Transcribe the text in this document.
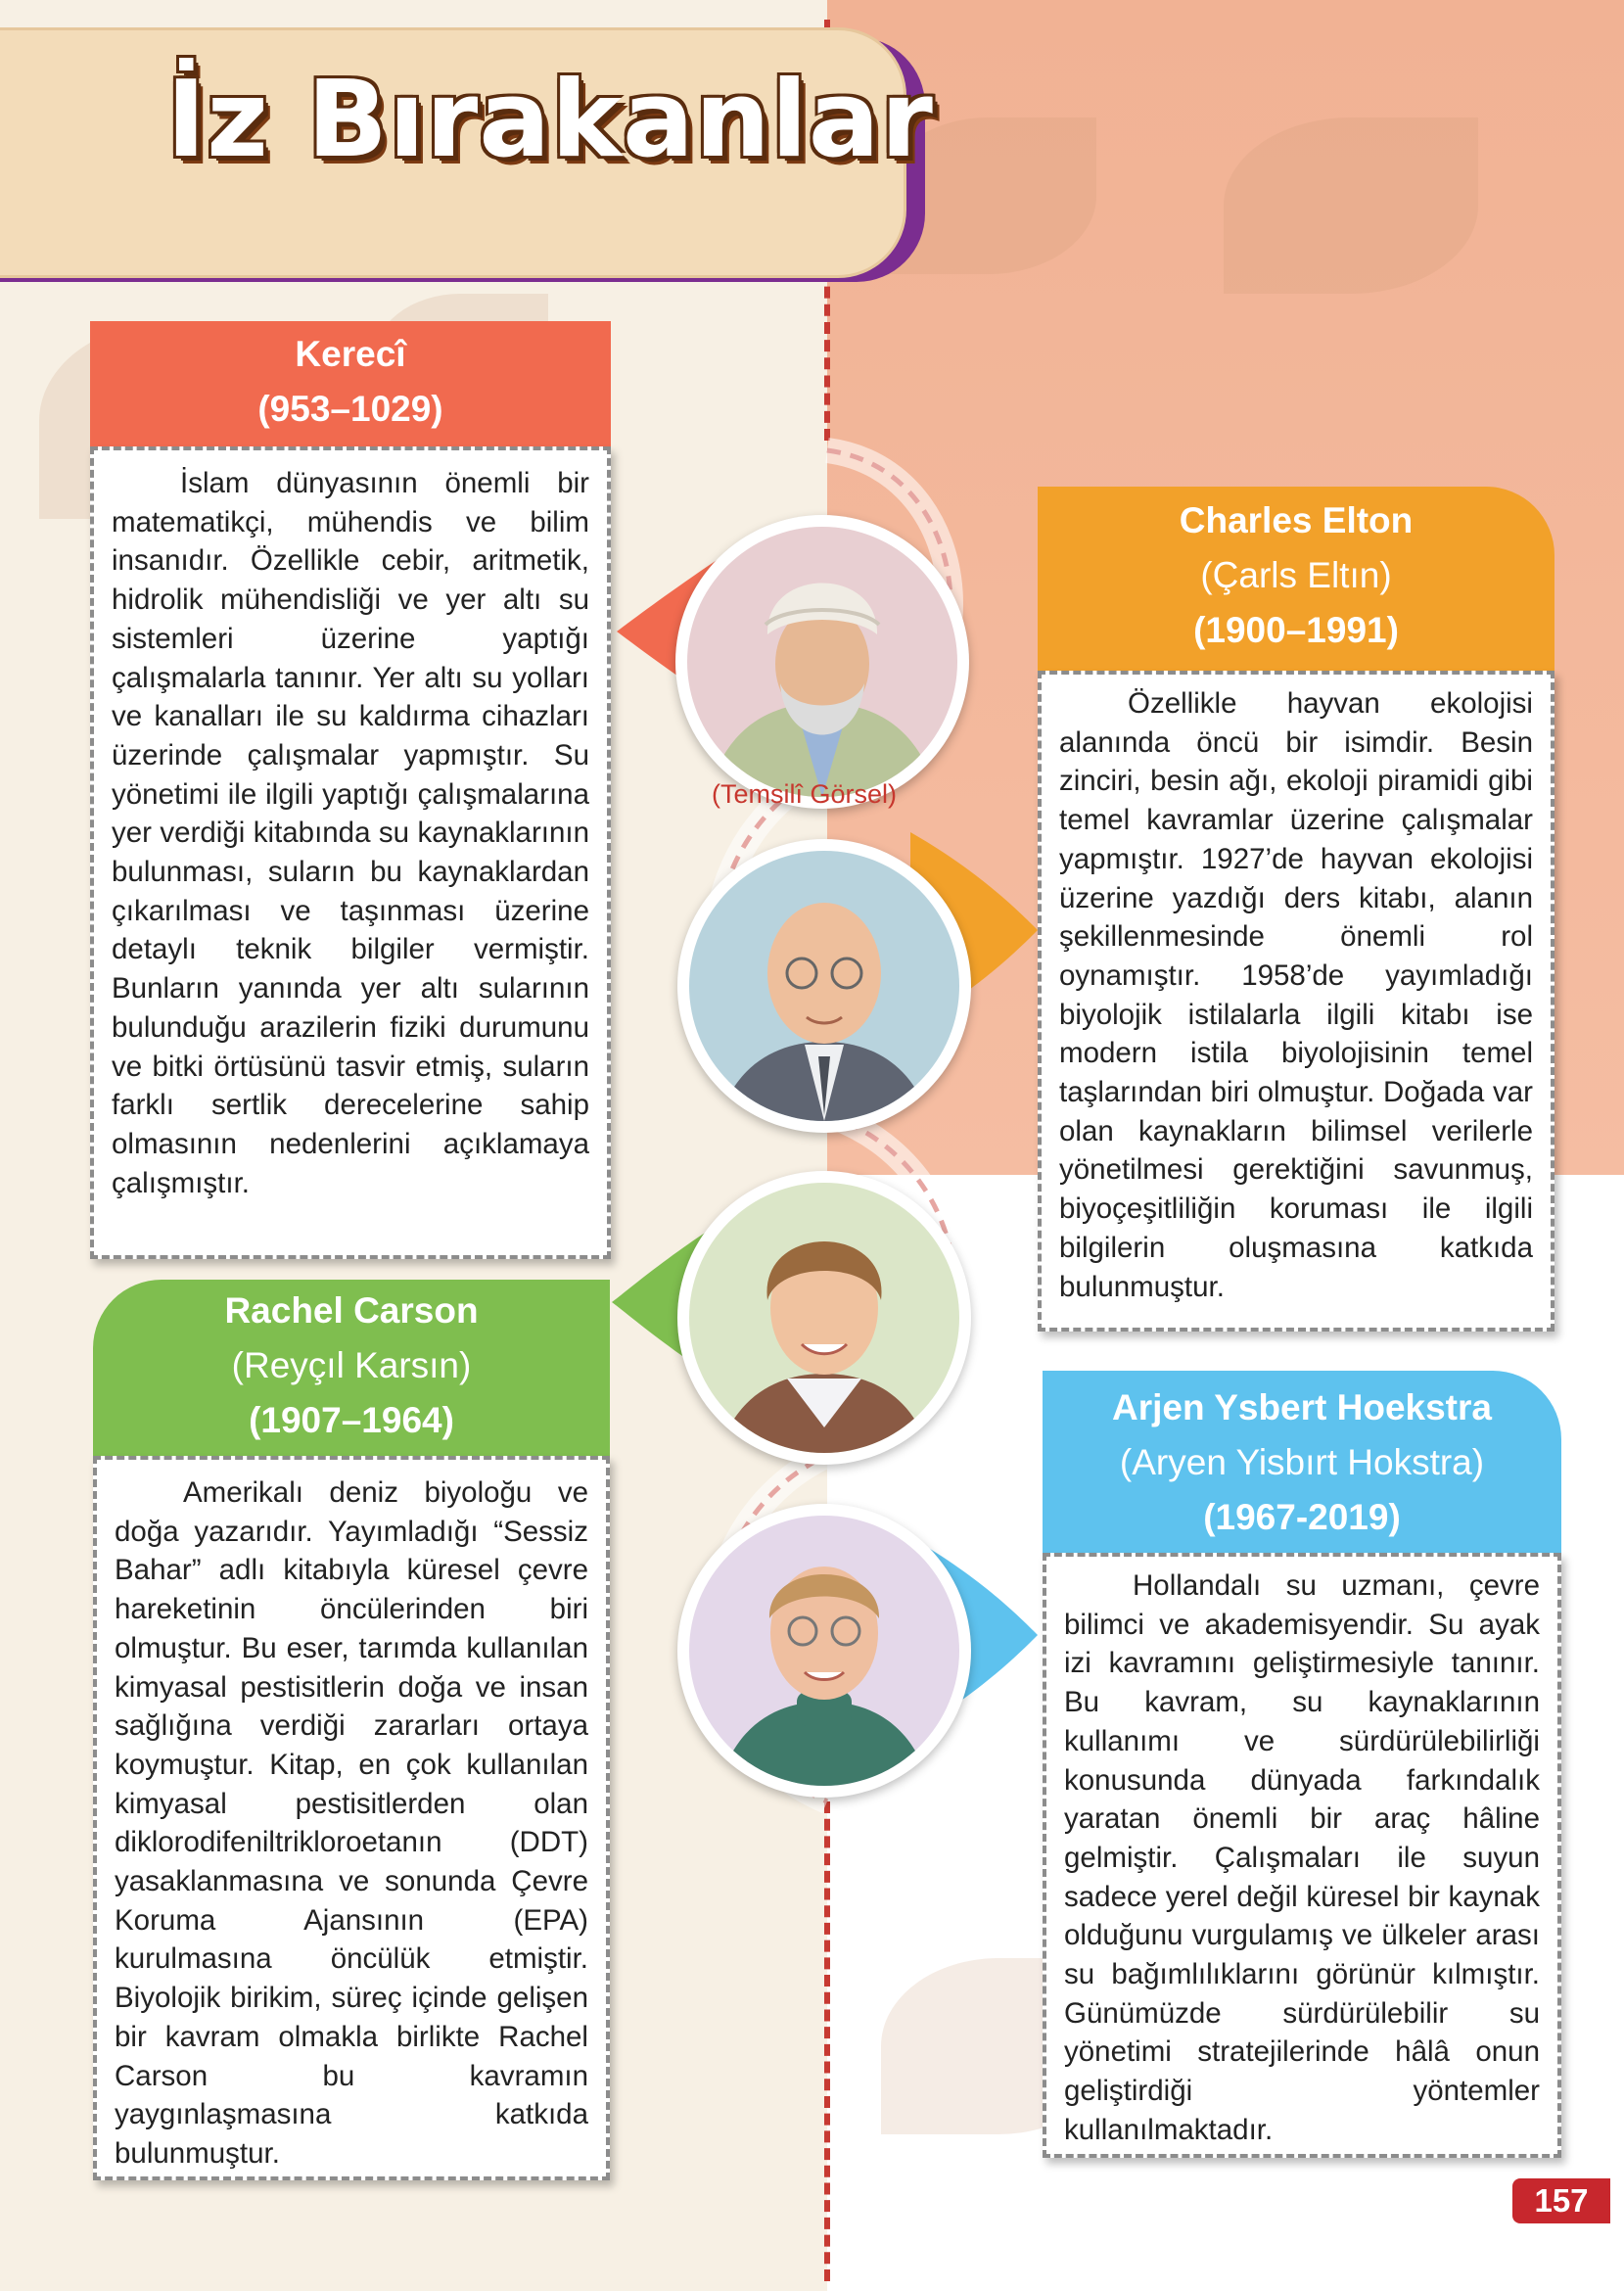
İz Bırakanlar
Kerecî
(953–1029)
İslam dünyasının önemli bir matematikçi, mühendis ve bilim insanıdır. Özellikle cebir, aritmetik, hidrolik mühendisliği ve yer altı su sistemleri üzerine yaptığı çalışmalarla tanınır. Yer altı su yolları ve kanalları ile su kaldırma cihazları üzerinde çalışmalar yapmıştır. Su yönetimi ile ilgili yaptığı çalışmalarına yer verdiği kitabında su kaynaklarının bulunması, suların bu kaynaklardan çıkarılması ve taşınması üzerine detaylı teknik bilgiler vermiştir. Bunların yanında yer altı sularının bulunduğu arazilerin fiziki durumunu ve bitki örtüsünü tasvir etmiş, suların farklı sertlik derecelerine sahip olmasının nedenlerini açıklamaya çalışmıştır.
(Temsilî Görsel)
Charles Elton
(Çarls Eltın)
(1900–1991)
Özellikle hayvan ekolojisi alanında öncü bir isimdir. Besin zinciri, besin ağı, ekoloji piramidi gibi temel kavramlar üzerine çalışmalar yapmıştır. 1927’de hayvan ekolojisi üzerine yazdığı ders kitabı, alanın şekillenmesinde önemli rol oynamıştır. 1958’de yayımladığı biyolojik istilalarla ilgili kitabı ise modern istila biyolojisinin temel taşlarından biri olmuştur. Doğada var olan kaynakların bilimsel verilerle yönetilmesi gerektiğini savunmuş, biyoçeşitliliğin koruması ile ilgili bilgilerin oluşmasına katkıda bulunmuştur.
Rachel Carson
(Reyçıl Karsın)
(1907–1964)
Amerikalı deniz biyoloğu ve doğa yazarıdır. Yayımladığı “Sessiz Bahar” adlı kitabıyla küresel çevre hareketinin öncülerinden biri olmuştur. Bu eser, tarımda kullanılan kimyasal pestisitlerin doğa ve insan sağlığına verdiği zararları ortaya koymuştur. Kitap, en çok kullanılan kimyasal pestisitlerden olan diklorodifeniltrikloroetanın (DDT) yasaklanmasına ve sonunda Çevre Koruma Ajansının (EPA) kurulmasına öncülük etmiştir. Biyolojik birikim, süreç içinde gelişen bir kavram olmakla birlikte Rachel Carson bu kavramın yaygınlaşmasına katkıda bulunmuştur.
Arjen Ysbert Hoekstra
(Aryen Yisbırt Hokstra)
(1967-2019)
Hollandalı su uzmanı, çevre bilimci ve akademisyendir. Su ayak izi kavramını geliştirmesiyle tanınır. Bu kavram, su kaynaklarının kullanımı ve sürdürülebilirliği konusunda dünyada farkındalık yaratan önemli bir araç hâline gelmiştir. Çalışmaları ile suyun sadece yerel değil küresel bir kaynak olduğunu vurgulamış ve ülkeler arası su bağımlılıklarını görünür kılmıştır. Günümüzde sürdürülebilir su yönetimi stratejilerinde hâlâ onun geliştirdiği yöntemler kullanılmaktadır.
157
